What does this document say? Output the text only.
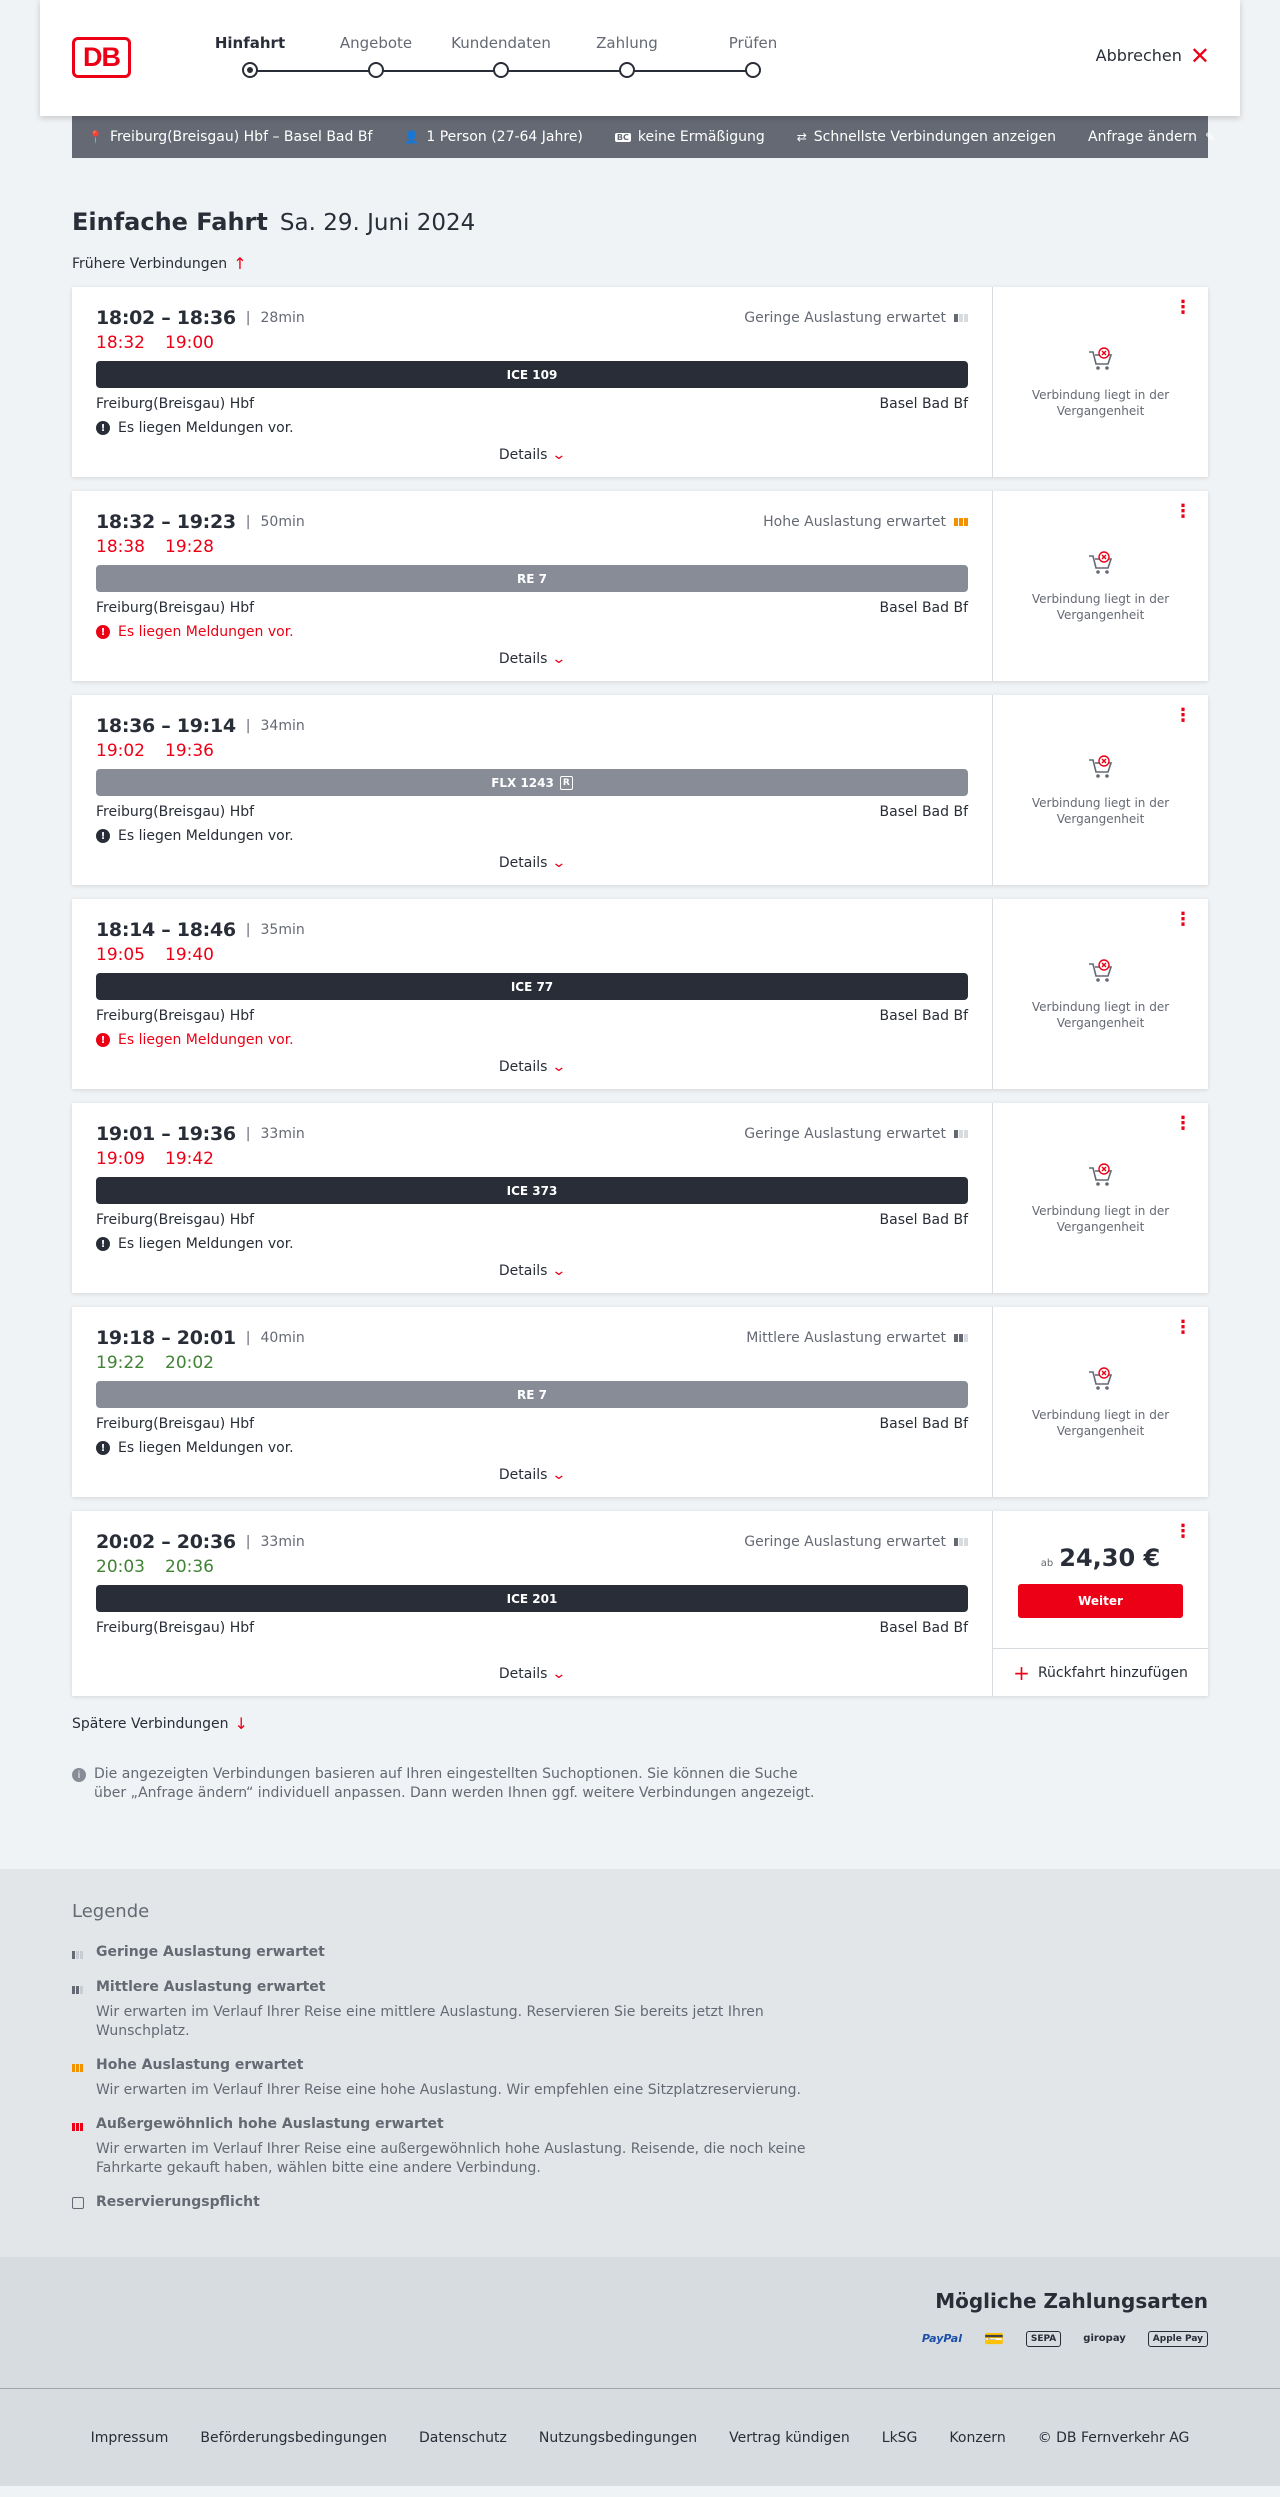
DB	Hinfahrt	Angebote	Kundendaten	Zahlung	Prüfen
Abbrechen ✕
📍 Freiburg(Breisgau) Hbf – Basel Bad Bf	👤 1 Person (27-64 Jahre)	BC keine Ermäßigung	⇄ Schnellste Verbindungen anzeigen Anfrage ändern ✎
Einfache Fahrt Sa. 29. Juni 2024
Frühere Verbindungen ↑
18:02 – 18:36 | 28min	Geringe Auslastung erwartet
18:32 19:00
ICE 109
Freiburg(Breisgau) Hbf	Basel Bad Bf
! Es liegen Meldungen vor.
Details ⌄
⋮
Verbindung liegt in der Vergangenheit
18:32 – 19:23 | 50min	Hohe Auslastung erwartet
18:38 19:28
RE 7
Freiburg(Breisgau) Hbf	Basel Bad Bf
! Es liegen Meldungen vor.
Details ⌄
⋮
Verbindung liegt in der Vergangenheit
18:36 – 19:14 | 34min
19:02 19:36
FLX 1243	R
Freiburg(Breisgau) Hbf	Basel Bad Bf
! Es liegen Meldungen vor.
Details ⌄
⋮
Verbindung liegt in der Vergangenheit
18:14 – 18:46 | 35min
19:05 19:40
ICE 77
Freiburg(Breisgau) Hbf	Basel Bad Bf
! Es liegen Meldungen vor.
Details ⌄
⋮
Verbindung liegt in der Vergangenheit
19:01 – 19:36 | 33min	Geringe Auslastung erwartet
19:09 19:42
ICE 373
Freiburg(Breisgau) Hbf	Basel Bad Bf
! Es liegen Meldungen vor.
Details ⌄
⋮
Verbindung liegt in der Vergangenheit
19:18 – 20:01 | 40min	Mittlere Auslastung erwartet
19:22 20:02
RE 7
Freiburg(Breisgau) Hbf	Basel Bad Bf
! Es liegen Meldungen vor.
Details ⌄
⋮
Verbindung liegt in der Vergangenheit
20:02 – 20:36 | 33min	Geringe Auslastung erwartet
20:03 20:36
ICE 201
Freiburg(Breisgau) Hbf	Basel Bad Bf
Details ⌄
⋮
ab 24,30 €
Weiter
+ Rückfahrt hinzufügen
Spätere Verbindungen ↓
i Die angezeigten Verbindungen basieren auf Ihren eingestellten Suchoptionen. Sie können die Suche über „Anfrage ändern“ individuell anpassen. Dann werden Ihnen ggf. weitere Verbindungen angezeigt.
Legende
Geringe Auslastung erwartet
Mittlere Auslastung erwartet
Wir erwarten im Verlauf Ihrer Reise eine mittlere Auslastung. Reservieren Sie bereits jetzt Ihren Wunschplatz.
Hohe Auslastung erwartet
Wir erwarten im Verlauf Ihrer Reise eine hohe Auslastung. Wir empfehlen eine Sitzplatzreservierung.
Außergewöhnlich hohe Auslastung erwartet
Wir erwarten im Verlauf Ihrer Reise eine außergewöhnlich hohe Auslastung. Reisende, die noch keine Fahrkarte gekauft haben, wählen bitte eine andere Verbindung.
Reservierungspflicht
Mögliche Zahlungsarten
PayPal 💳	SEPA	giropay	Apple Pay
Impressum Beförderungsbedingungen Datenschutz Nutzungsbedingungen Vertrag kündigen LkSG Konzern © DB Fernverkehr AG
